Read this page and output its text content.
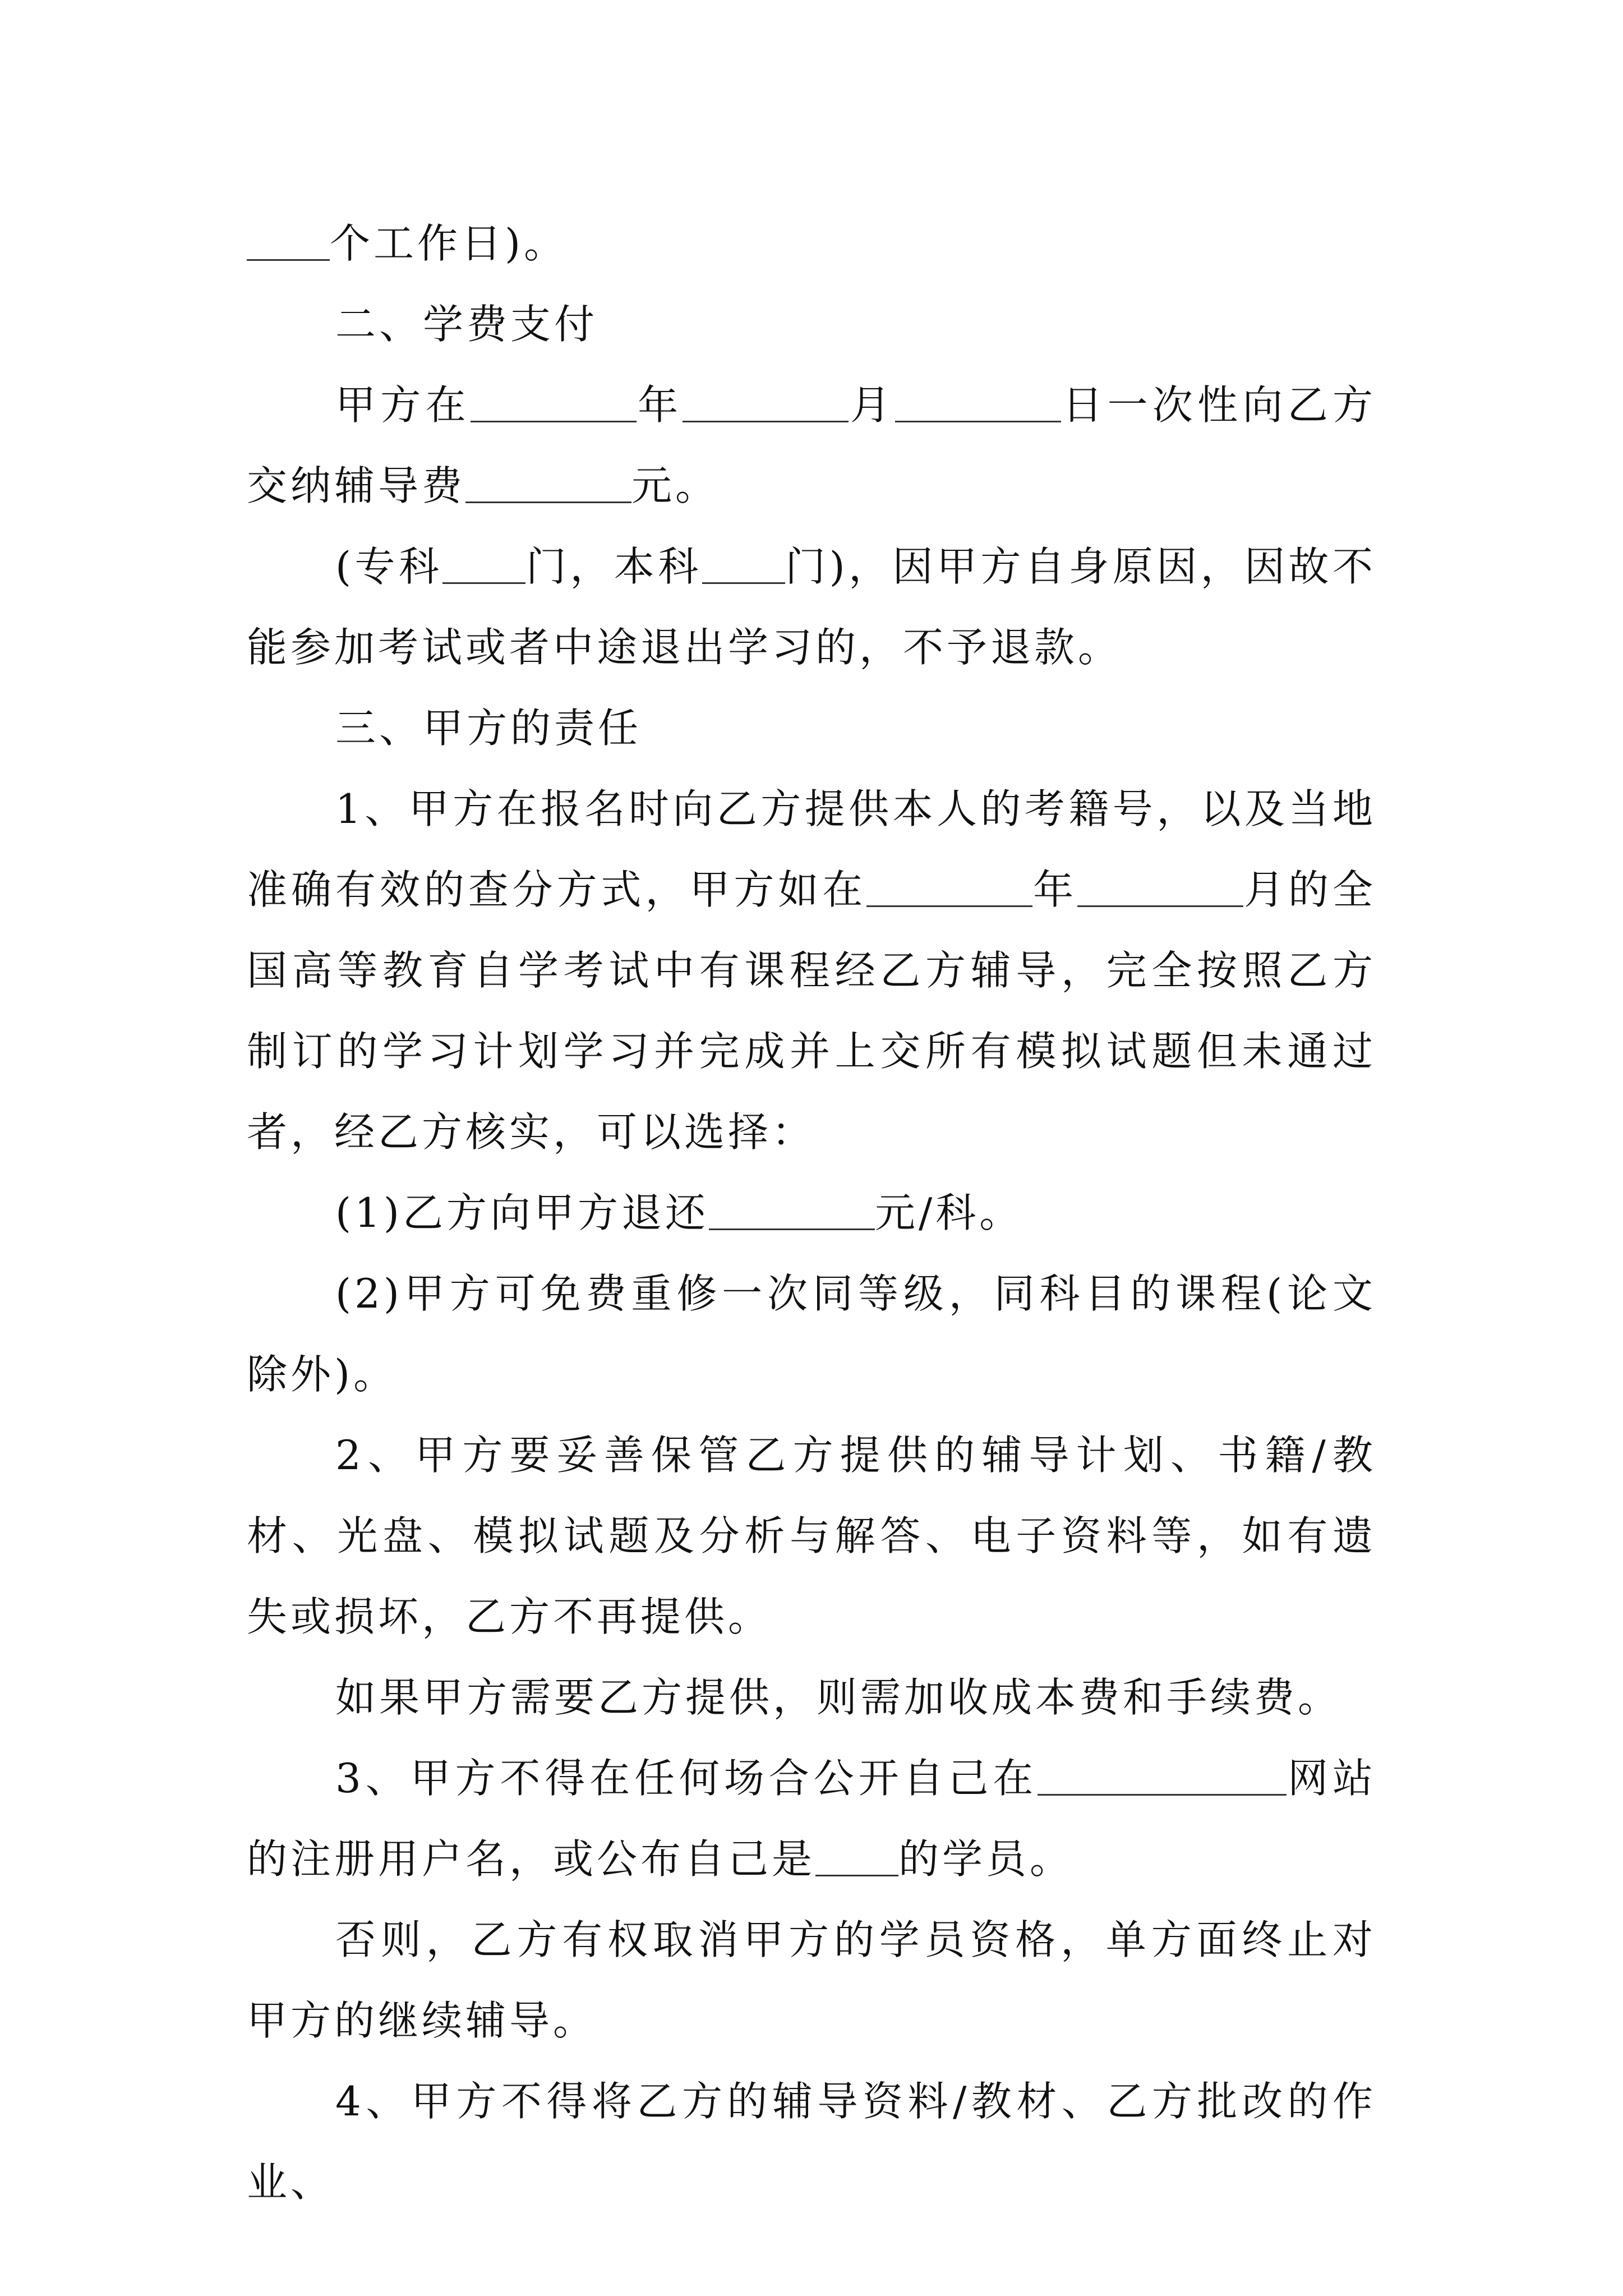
个工作日)。

二、学费支付

甲方在	年	月	日一次性向乙方交纳辅导费	元。

(专科 门，本科 门)，因甲方自身原因，因故不能参加考试或者中途退出学习的，不予退款。

三、甲方的责任

1、甲方在报名时向乙方提供本人的考籍号，以及当地准确有效的查分方式，甲方如在	年	月的全国高等教育自学考试中有课程经乙方辅导，完全按照乙方制订的学习计划学习并完成并上交所有模拟试题但未通过者，经乙方核实，可以选择：

(1)乙方向甲方退还	元/科。

(2)甲方可免费重修一次同等级，同科目的课程(论文除外)。

2、甲方要妥善保管乙方提供的辅导计划、书籍/教材、光盘、模拟试题及分析与解答、电子资料等，如有遗失或损坏，乙方不再提供。

如果甲方需要乙方提供，则需加收成本费和手续费。

3、甲方不得在任何场合公开自己在	网站的注册用户名，或公布自己是 的学员。

否则，乙方有权取消甲方的学员资格，单方面终止对甲方的继续辅导。

4、甲方不得将乙方的辅导资料/教材、乙方批改的作业、
